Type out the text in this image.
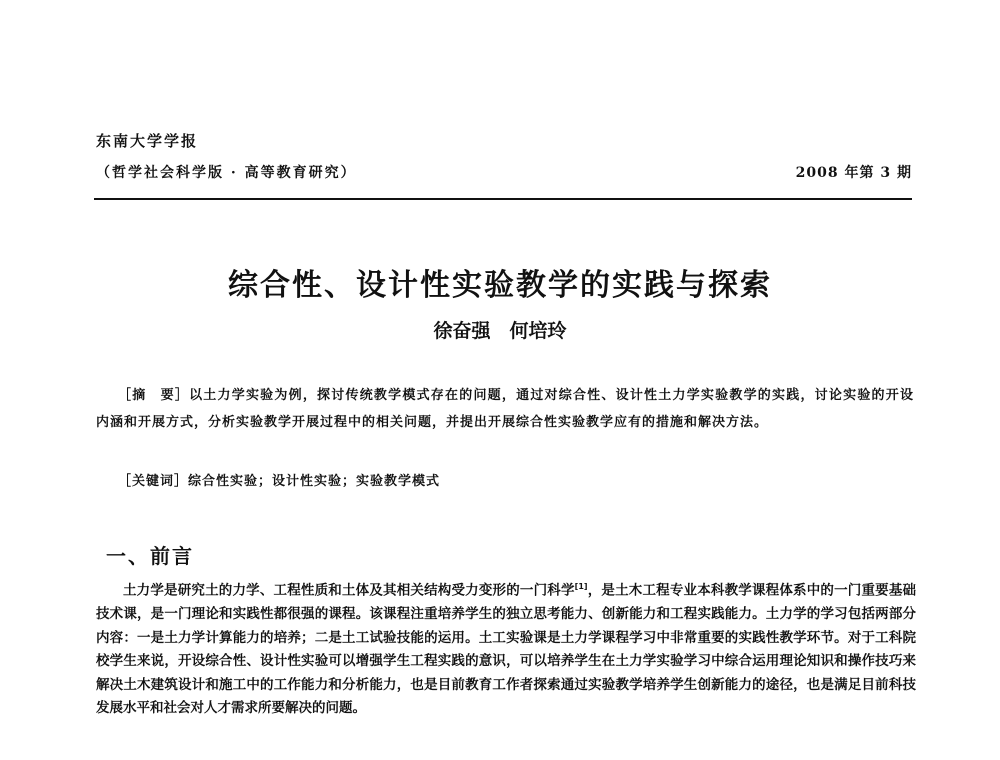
东南大学学报
（哲学社会科学版 · 高等教育研究）	2008 年第 3 期
综合性、设计性实验教学的实践与探索
徐奋强　何培玲

［摘　要］以土力学实验为例，探讨传统教学模式存在的问题，通过对综合性、设计性土力学实验教学的实践，讨论实验的开设内涵和开展方式，分析实验教学开展过程中的相关问题，并提出开展综合性实验教学应有的措施和解决方法。

［关键词］综合性实验；设计性实验；实验教学模式

一、前言

土力学是研究土的力学、工程性质和土体及其相关结构受力变形的一门科学[1]，是土木工程专业本科教学课程体系中的一门重要基础技术课，是一门理论和实践性都很强的课程。该课程注重培养学生的独立思考能力、创新能力和工程实践能力。土力学的学习包括两部分内容：一是土力学计算能力的培养；二是土工试验技能的运用。土工实验课是土力学课程学习中非常重要的实践性教学环节。对于工科院校学生来说，开设综合性、设计性实验可以增强学生工程实践的意识，可以培养学生在土力学实验学习中综合运用理论知识和操作技巧来解决土木建筑设计和施工中的工作能力和分析能力，也是目前教育工作者探索通过实验教学培养学生创新能力的途径，也是满足目前科技发展水平和社会对人才需求所要解决的问题。
